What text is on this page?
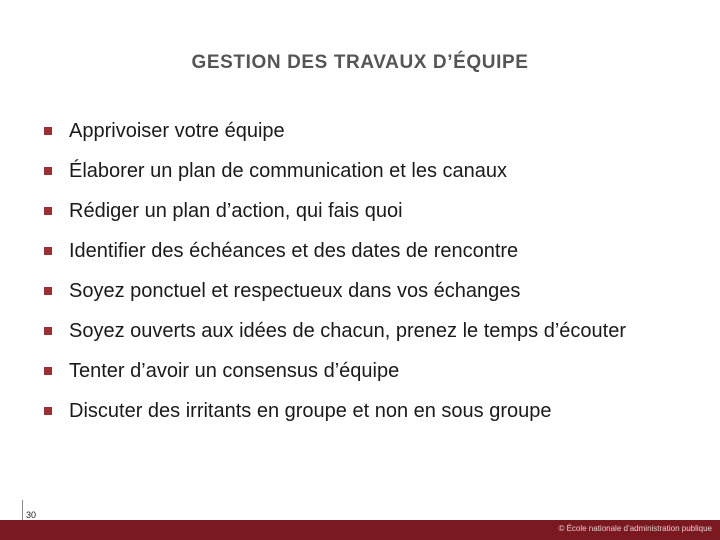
GESTION DES TRAVAUX D’ÉQUIPE
Apprivoiser votre équipe
Élaborer un plan de communication et les canaux
Rédiger un plan d’action, qui fais quoi
Identifier des échéances et des dates de rencontre
Soyez ponctuel et respectueux dans vos échanges
Soyez ouverts aux idées de chacun, prenez le temps d’écouter
Tenter d’avoir un consensus d’équipe
Discuter des irritants en groupe et non en sous groupe
30
© École nationale d’administration publique
